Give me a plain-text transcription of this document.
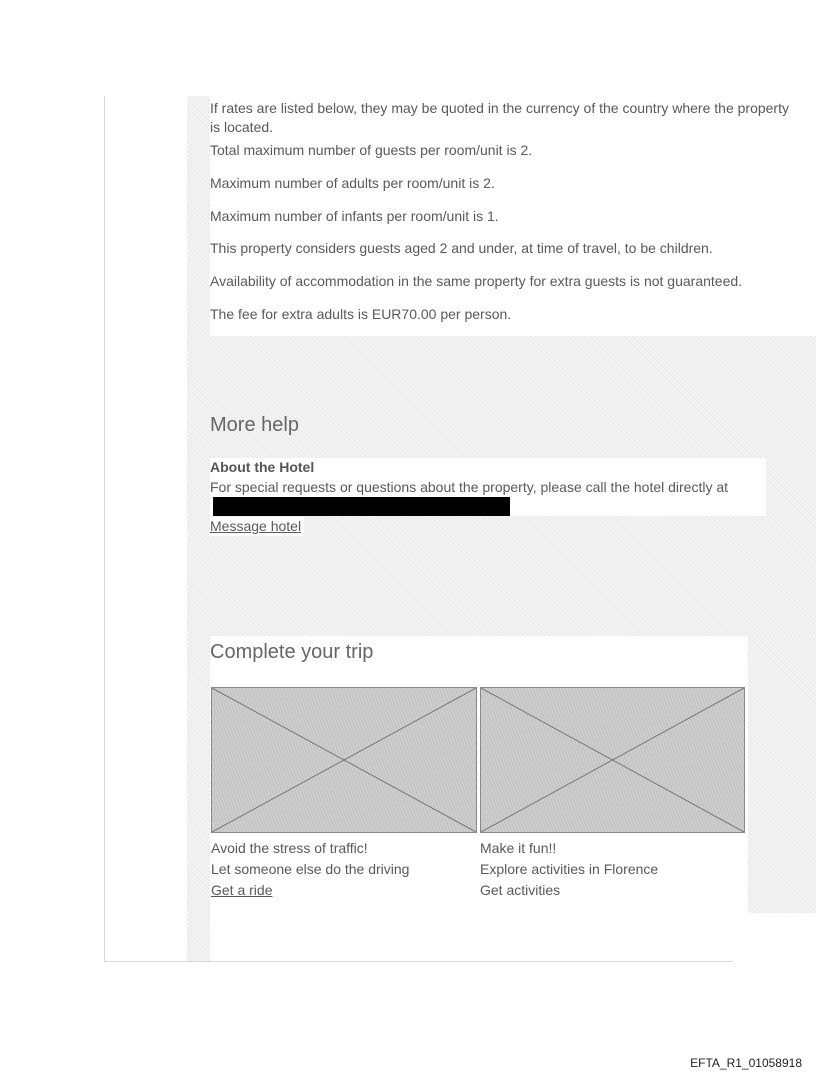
If rates are listed below, they may be quoted in the currency of the country where the property is located.
Total maximum number of guests per room/unit is 2.
Maximum number of adults per room/unit is 2.
Maximum number of infants per room/unit is 1.
This property considers guests aged 2 and under, at time of travel, to be children.
Availability of accommodation in the same property for extra guests is not guaranteed.
The fee for extra adults is EUR70.00 per person.
More help
About the Hotel
For special requests or questions about the property, please call the hotel directly at
Message hotel
Complete your trip
Avoid the stress of traffic!
Let someone else do the driving
Get a ride
Make it fun!!
Explore activities in Florence
Get activities
EFTA_R1_01058918
